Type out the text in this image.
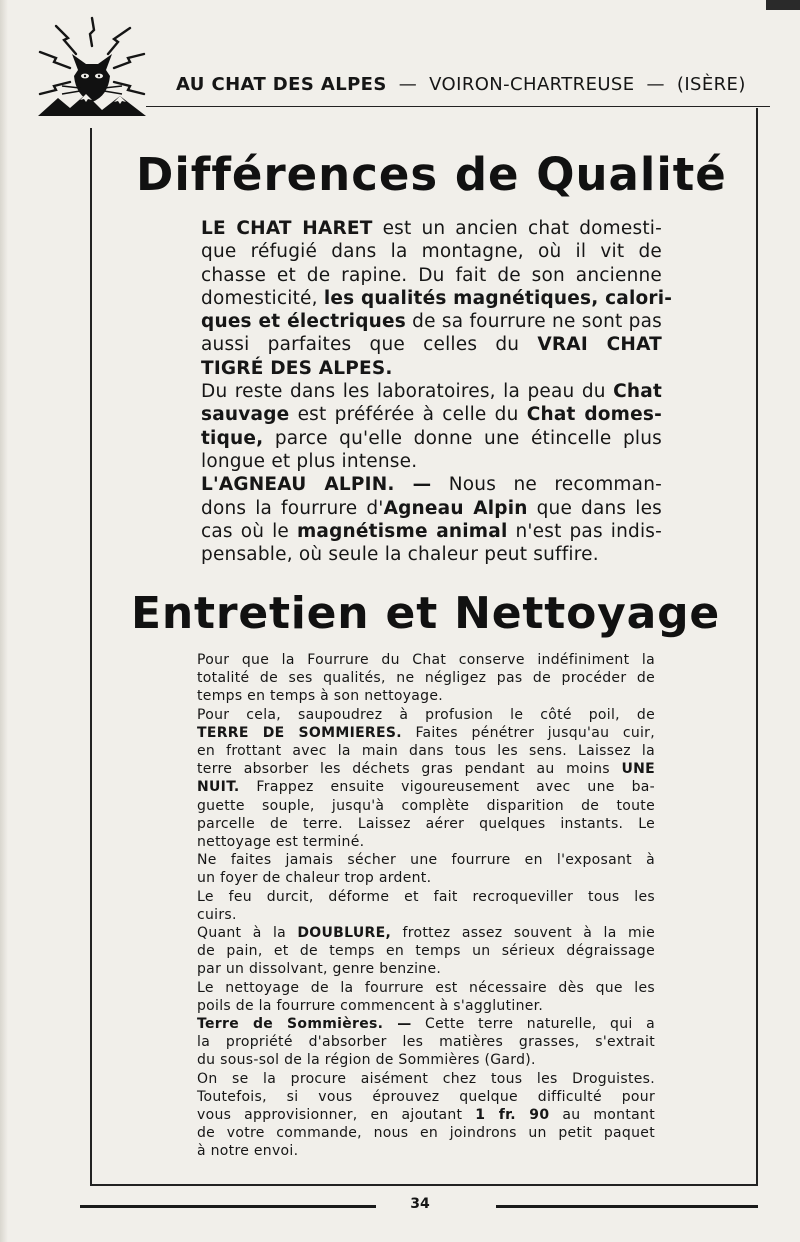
AU CHAT DES ALPES — VOIRON-CHARTREUSE — (ISÈRE)
Différences de Qualité
LE CHAT HARET est un ancien chat domesti-
que réfugié dans la montagne, où il vit de
chasse et de rapine. Du fait de son ancienne
domesticité, les qualités magnétiques, calori-
ques et électriques de sa fourrure ne sont pas
aussi parfaites que celles du VRAI CHAT
TIGRÉ DES ALPES.
Du reste dans les laboratoires, la peau du Chat
sauvage est préférée à celle du Chat domes-
tique, parce qu'elle donne une étincelle plus
longue et plus intense.
L'AGNEAU ALPIN. — Nous ne recomman-
dons la fourrure d'Agneau Alpin que dans les
cas où le magnétisme animal n'est pas indis-
pensable, où seule la chaleur peut suffire.
Entretien et Nettoyage
Pour que la Fourrure du Chat conserve indéfiniment la
totalité de ses qualités, ne négligez pas de procéder de
temps en temps à son nettoyage.
Pour cela, saupoudrez à profusion le côté poil, de
TERRE DE SOMMIERES. Faites pénétrer jusqu'au cuir,
en frottant avec la main dans tous les sens. Laissez la
terre absorber les déchets gras pendant au moins UNE
NUIT. Frappez ensuite vigoureusement avec une ba-
guette souple, jusqu'à complète disparition de toute
parcelle de terre. Laissez aérer quelques instants. Le
nettoyage est terminé.
Ne faites jamais sécher une fourrure en l'exposant à
un foyer de chaleur trop ardent.
Le feu durcit, déforme et fait recroqueviller tous les
cuirs.
Quant à la DOUBLURE, frottez assez souvent à la mie
de pain, et de temps en temps un sérieux dégraissage
par un dissolvant, genre benzine.
Le nettoyage de la fourrure est nécessaire dès que les
poils de la fourrure commencent à s'agglutiner.
Terre de Sommières. — Cette terre naturelle, qui a
la propriété d'absorber les matières grasses, s'extrait
du sous-sol de la région de Sommières (Gard).
On se la procure aisément chez tous les Droguistes.
Toutefois, si vous éprouvez quelque difficulté pour
vous approvisionner, en ajoutant 1 fr. 90 au montant
de votre commande, nous en joindrons un petit paquet
à notre envoi.
34
